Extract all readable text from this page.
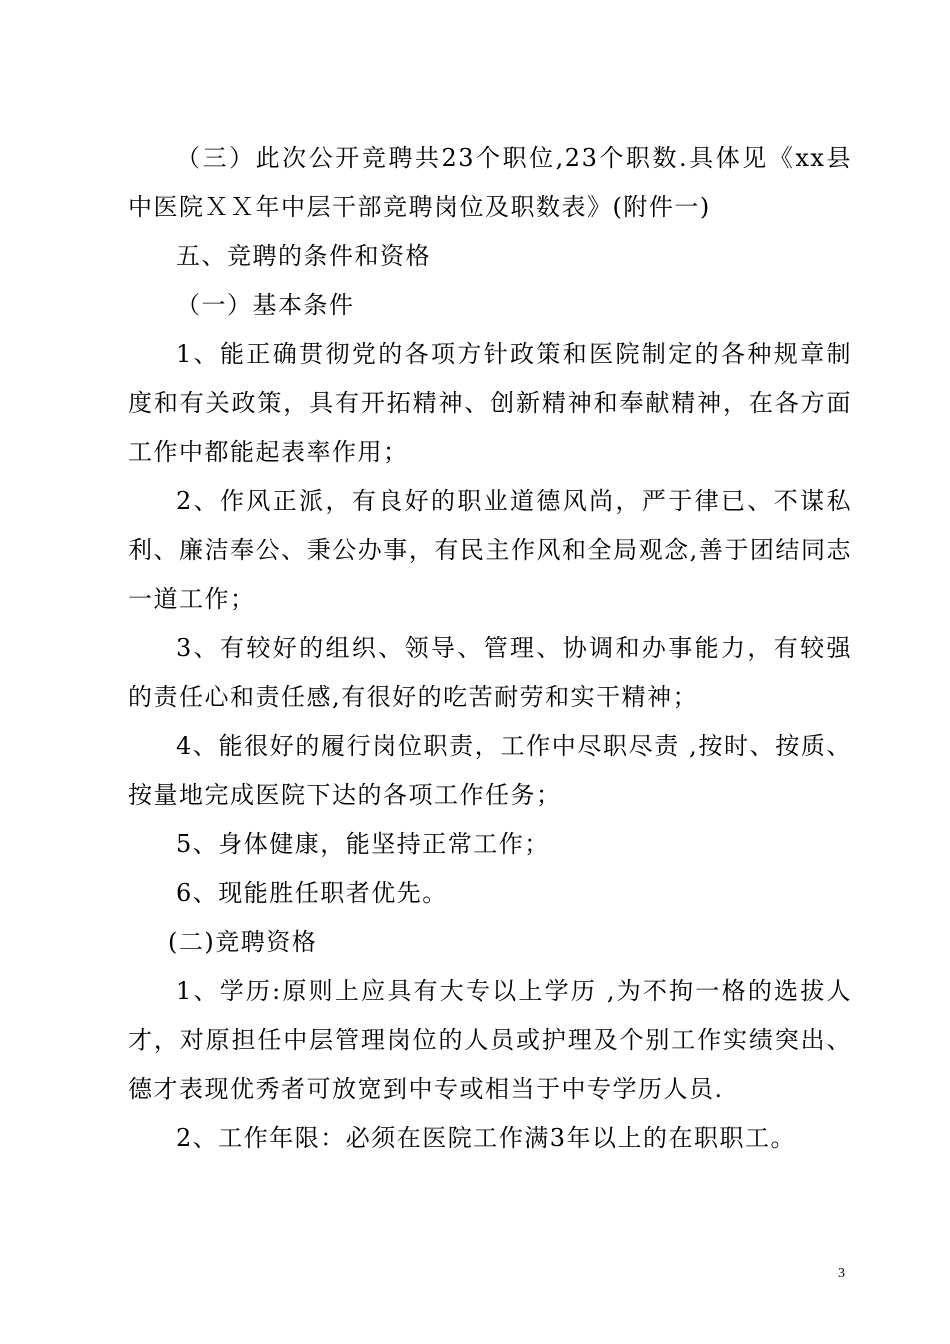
（三）此次公开竞聘共23个职位,23个职数.具体见《xx县中医院ＸＸ年中层干部竞聘岗位及职数表》(附件一)

五、竞聘的条件和资格

（一）基本条件

1、能正确贯彻党的各项方针政策和医院制定的各种规章制度和有关政策，具有开拓精神、创新精神和奉献精神，在各方面工作中都能起表率作用；

2、作风正派，有良好的职业道德风尚，严于律已、不谋私利、廉洁奉公、秉公办事，有民主作风和全局观念,善于团结同志一道工作；

3、有较好的组织、领导、管理、协调和办事能力，有较强的责任心和责任感,有很好的吃苦耐劳和实干精神；

4、能很好的履行岗位职责，工作中尽职尽责 ,按时、按质、按量地完成医院下达的各项工作任务；

5、身体健康，能坚持正常工作；

6、现能胜任职者优先。

(二)竞聘资格

1、学历:原则上应具有大专以上学历 ,为不拘一格的选拔人才，对原担任中层管理岗位的人员或护理及个别工作实绩突出、德才表现优秀者可放宽到中专或相当于中专学历人员.

2、工作年限：必须在医院工作满3年以上的在职职工。

3
